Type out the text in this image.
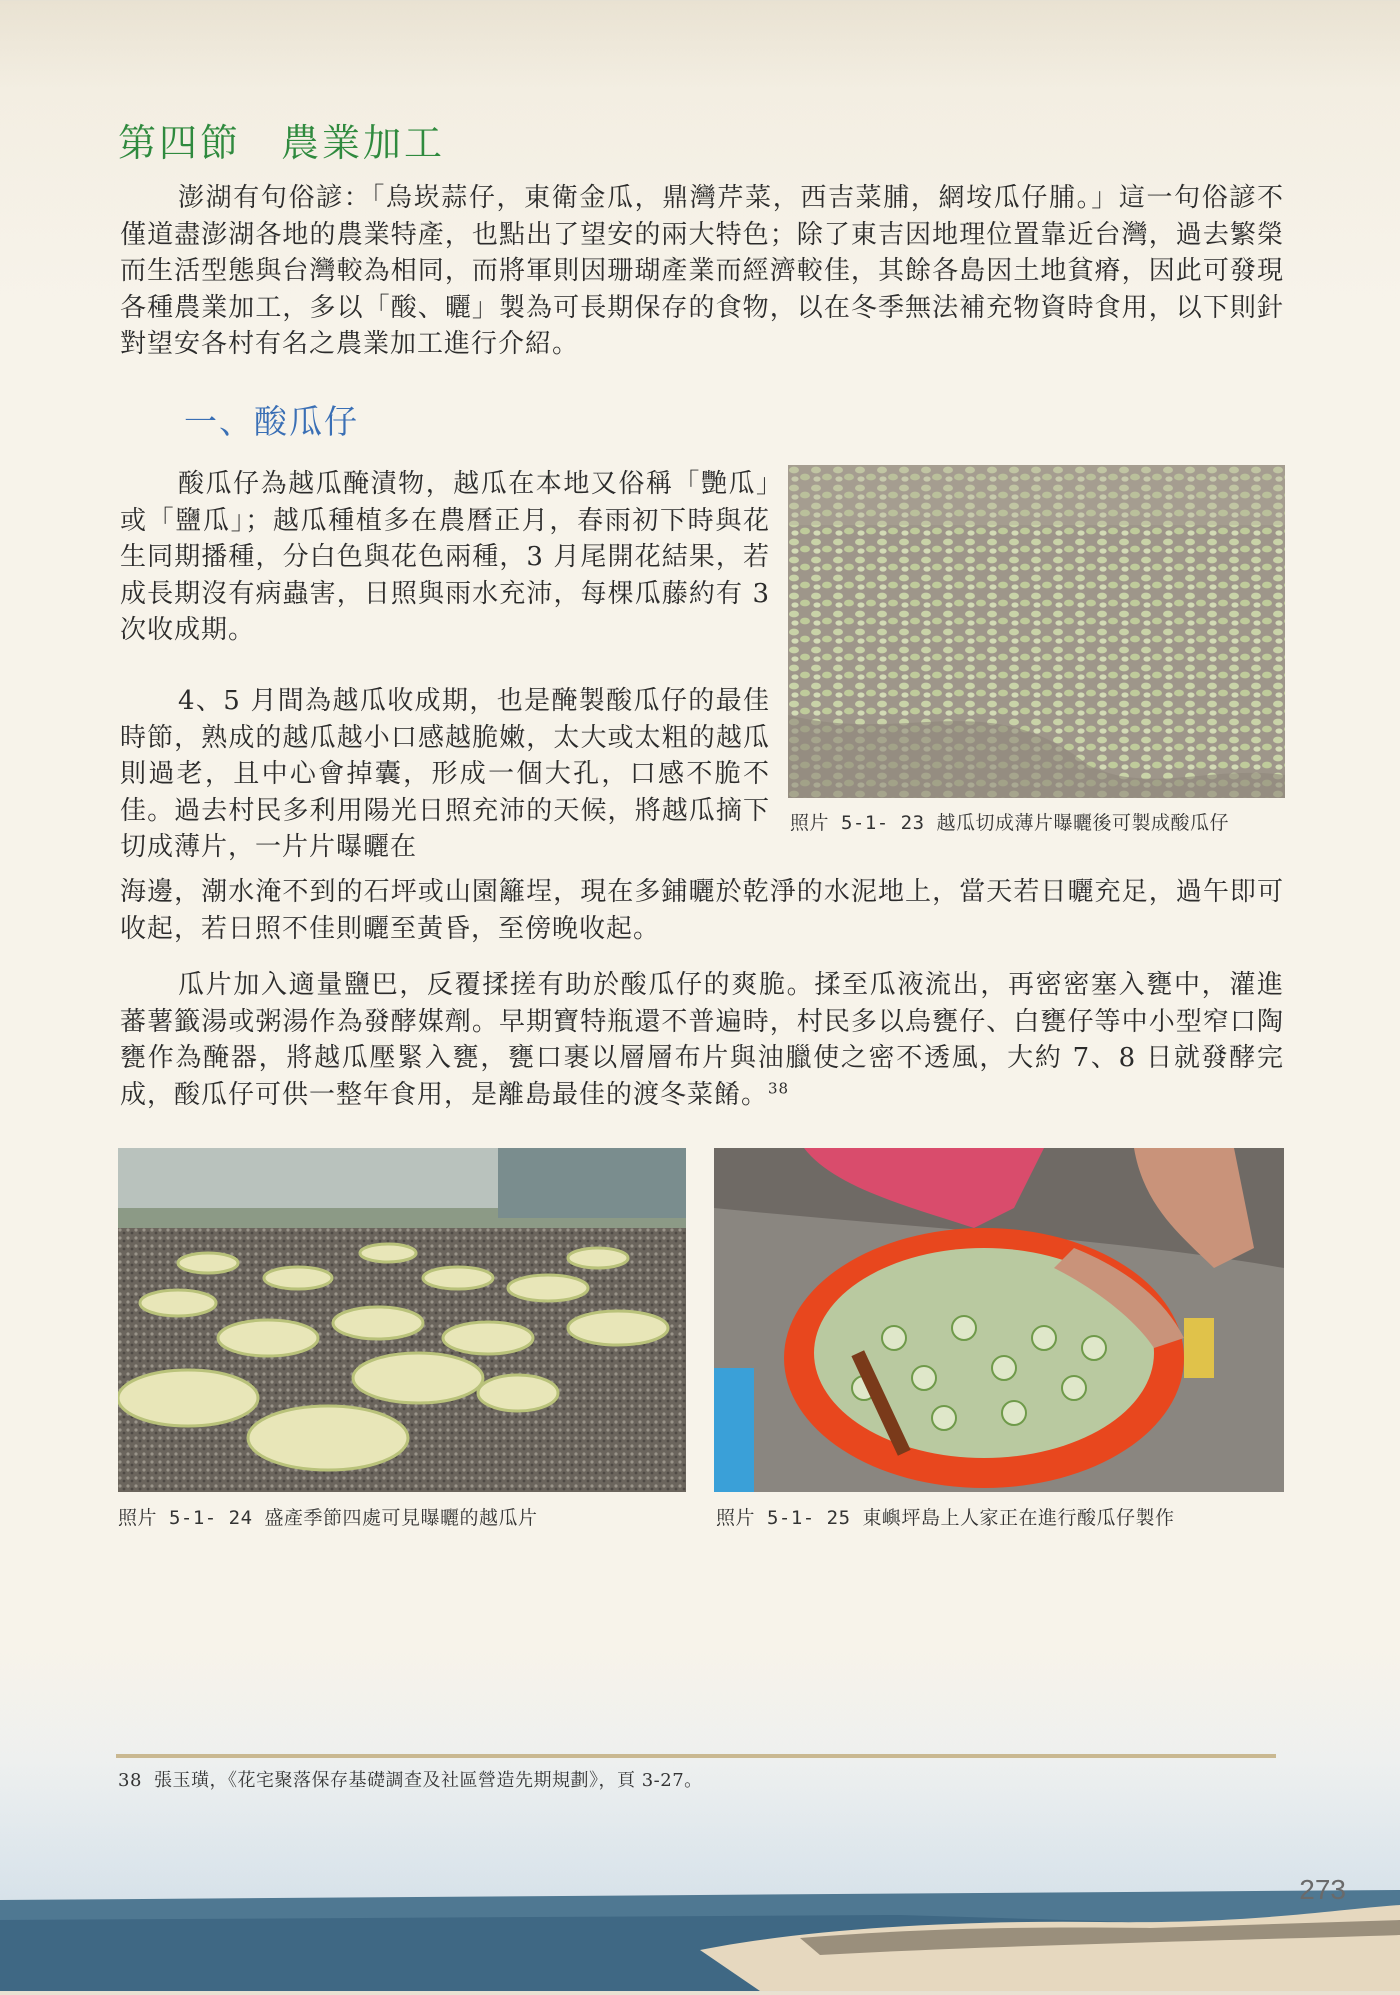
第四節 農業加工

澎湖有句俗諺：「烏崁蒜仔，東衛金瓜，鼎灣芹菜，西吉菜脯，網垵瓜仔脯。」這一句俗諺不僅道盡澎湖各地的農業特產，也點出了望安的兩大特色；除了東吉因地理位置靠近台灣，過去繁榮而生活型態與台灣較為相同，而將軍則因珊瑚產業而經濟較佳，其餘各島因土地貧瘠，因此可發現各種農業加工，多以「酸、曬」製為可長期保存的食物，以在冬季無法補充物資時食用，以下則針對望安各村有名之農業加工進行介紹。

一、酸瓜仔

酸瓜仔為越瓜醃漬物，越瓜在本地又俗稱「艷瓜」或「鹽瓜」；越瓜種植多在農曆正月，春雨初下時與花生同期播種，分白色與花色兩種，3 月尾開花結果，若成長期沒有病蟲害，日照與雨水充沛，每棵瓜藤約有 3 次收成期。

4、5 月間為越瓜收成期，也是醃製酸瓜仔的最佳時節，熟成的越瓜越小口感越脆嫩，太大或太粗的越瓜則過老，且中心會掉囊，形成一個大孔，口感不脆不佳。過去村民多利用陽光日照充沛的天候，將越瓜摘下切成薄片，一片片曝曬在

海邊，潮水淹不到的石坪或山園籬埕，現在多鋪曬於乾淨的水泥地上，當天若日曬充足，過午即可收起，若日照不佳則曬至黃昏，至傍晚收起。

瓜片加入適量鹽巴，反覆揉搓有助於酸瓜仔的爽脆。揉至瓜液流出，再密密塞入甕中，灌進蕃薯籤湯或粥湯作為發酵媒劑。早期寶特瓶還不普遍時，村民多以烏甕仔、白甕仔等中小型窄口陶甕作為醃器，將越瓜壓緊入甕，甕口裹以層層布片與油臘使之密不透風，大約 7、8 日就發酵完成，酸瓜仔可供一整年食用，是離島最佳的渡冬菜餚。$^{38}$

照片 5-1- 23 越瓜切成薄片曝曬後可製成酸瓜仔
照片 5-1- 24 盛產季節四處可見曝曬的越瓜片	照片 5-1- 25 東嶼坪島上人家正在進行酸瓜仔製作
38 張玉璜，《花宅聚落保存基礎調查及社區營造先期規劃》，頁 3-27。
273
